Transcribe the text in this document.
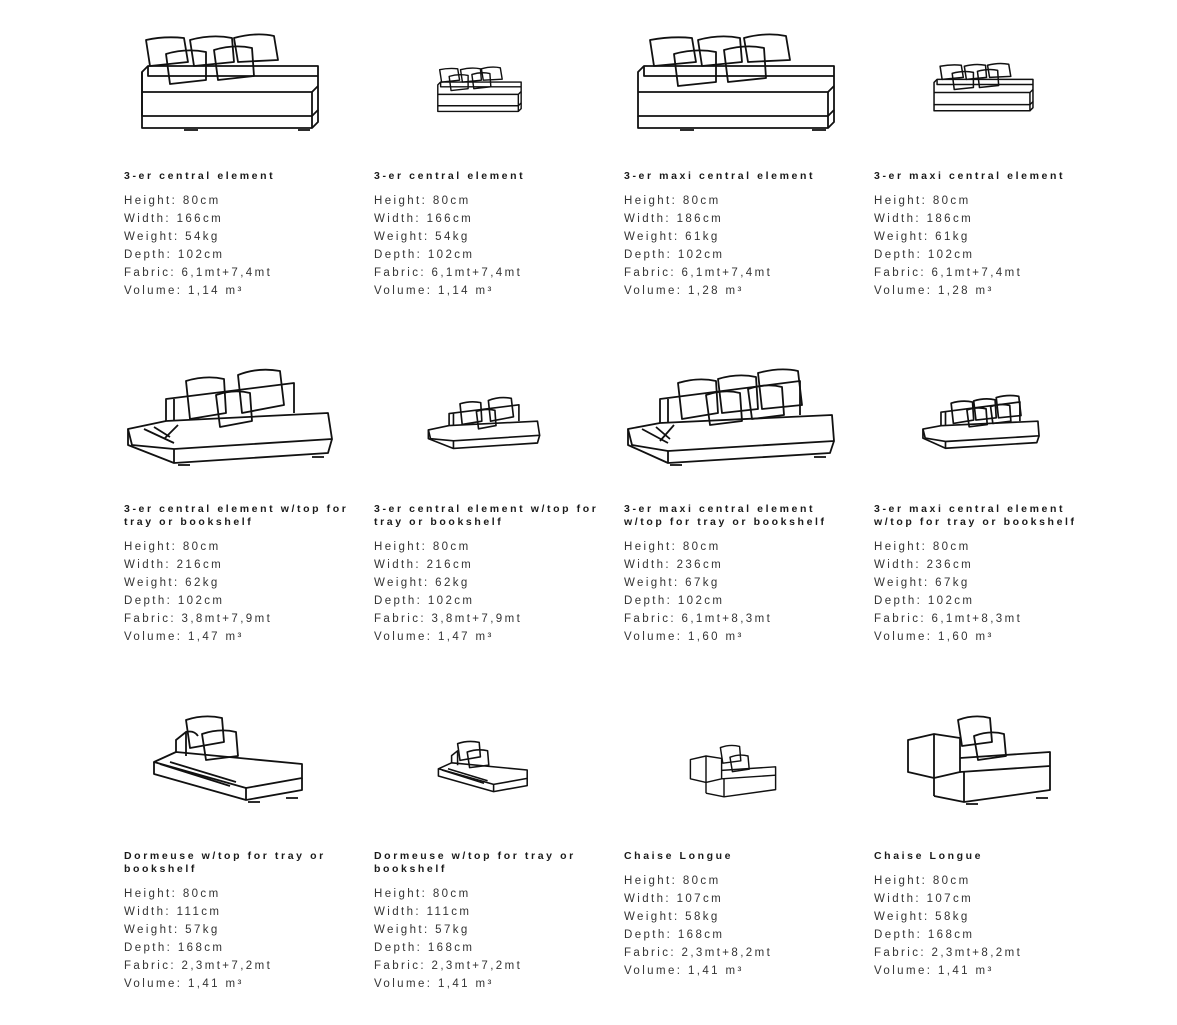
3-er central element
Height: 80cm
Width: 166cm
Weight: 54kg
Depth: 102cm
Fabric: 6,1mt+7,4mt
Volume: 1,14 m³
3-er central element
Height: 80cm
Width: 166cm
Weight: 54kg
Depth: 102cm
Fabric: 6,1mt+7,4mt
Volume: 1,14 m³
3-er maxi central element
Height: 80cm
Width: 186cm
Weight: 61kg
Depth: 102cm
Fabric: 6,1mt+7,4mt
Volume: 1,28 m³
3-er maxi central element
Height: 80cm
Width: 186cm
Weight: 61kg
Depth: 102cm
Fabric: 6,1mt+7,4mt
Volume: 1,28 m³
3-er central element w/top for tray or bookshelf
Height: 80cm
Width: 216cm
Weight: 62kg
Depth: 102cm
Fabric: 3,8mt+7,9mt
Volume: 1,47 m³
3-er central element w/top for tray or bookshelf
Height: 80cm
Width: 216cm
Weight: 62kg
Depth: 102cm
Fabric: 3,8mt+7,9mt
Volume: 1,47 m³
3-er maxi central element w/top for tray or bookshelf
Height: 80cm
Width: 236cm
Weight: 67kg
Depth: 102cm
Fabric: 6,1mt+8,3mt
Volume: 1,60 m³
3-er maxi central element w/top for tray or bookshelf
Height: 80cm
Width: 236cm
Weight: 67kg
Depth: 102cm
Fabric: 6,1mt+8,3mt
Volume: 1,60 m³
Dormeuse w/top for tray or bookshelf
Height: 80cm
Width: 111cm
Weight: 57kg
Depth: 168cm
Fabric: 2,3mt+7,2mt
Volume: 1,41 m³
Dormeuse w/top for tray or bookshelf
Height: 80cm
Width: 111cm
Weight: 57kg
Depth: 168cm
Fabric: 2,3mt+7,2mt
Volume: 1,41 m³
Chaise Longue
Height: 80cm
Width: 107cm
Weight: 58kg
Depth: 168cm
Fabric: 2,3mt+8,2mt
Volume: 1,41 m³
Chaise Longue
Height: 80cm
Width: 107cm
Weight: 58kg
Depth: 168cm
Fabric: 2,3mt+8,2mt
Volume: 1,41 m³
